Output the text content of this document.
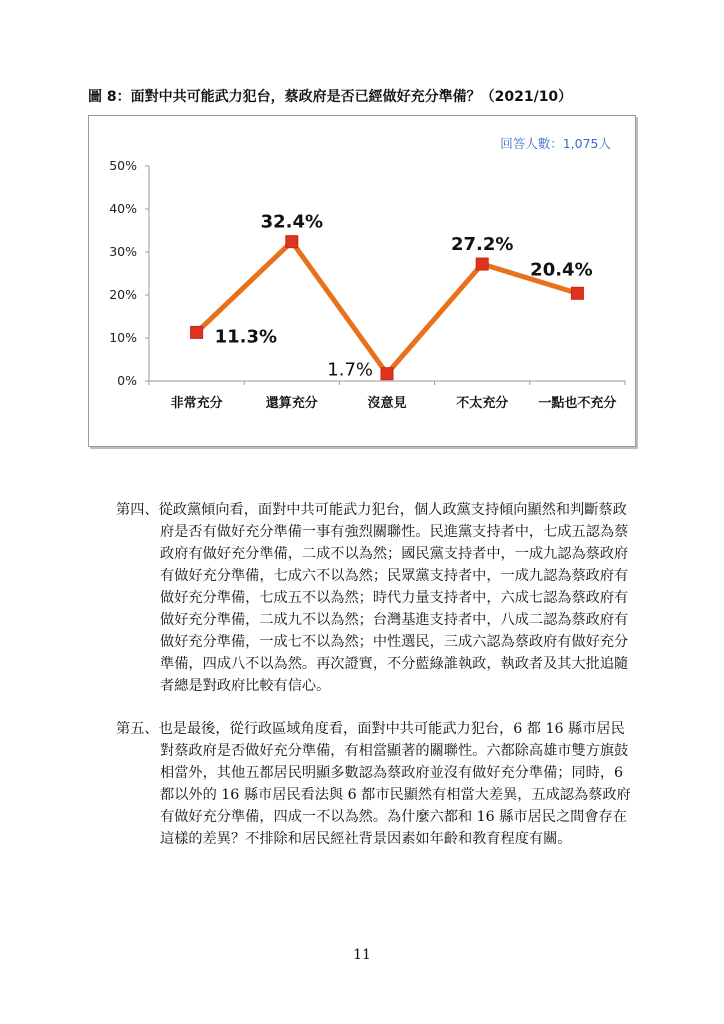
圖 8：面對中共可能武力犯台，蔡政府是否已經做好充分準備？（2021/10）
回答人數：1,075人
0%
10%
20%
30%
40%
50%
非常充分	還算充分	沒意見	不太充分 一點也不充分
11.3%
32.4%
1.7%
27.2%
20.4%
第四、從政黨傾向看，面對中共可能武力犯台，個人政黨支持傾向顯然和判斷蔡政
府是否有做好充分準備一事有強烈關聯性。民進黨支持者中，七成五認為蔡
政府有做好充分準備，二成不以為然；國民黨支持者中，一成九認為蔡政府
有做好充分準備，七成六不以為然；民眾黨支持者中，一成九認為蔡政府有
做好充分準備，七成五不以為然；時代力量支持者中，六成七認為蔡政府有
做好充分準備，二成九不以為然；台灣基進支持者中，八成二認為蔡政府有
做好充分準備，一成七不以為然；中性選民，三成六認為蔡政府有做好充分
準備，四成八不以為然。再次證實，不分藍綠誰執政，執政者及其大批追隨
者總是對政府比較有信心。
第五、也是最後，從行政區域角度看，面對中共可能武力犯台，6 都 16 縣市居民
對蔡政府是否做好充分準備，有相當顯著的關聯性。六都除高雄市雙方旗鼓
相當外，其他五都居民明顯多數認為蔡政府並沒有做好充分準備；同時，6
都以外的 16 縣市居民看法與 6 都市民顯然有相當大差異，五成認為蔡政府
有做好充分準備，四成一不以為然。為什麼六都和 16 縣市居民之間會存在
這樣的差異？不排除和居民經社背景因素如年齡和教育程度有關。
11
